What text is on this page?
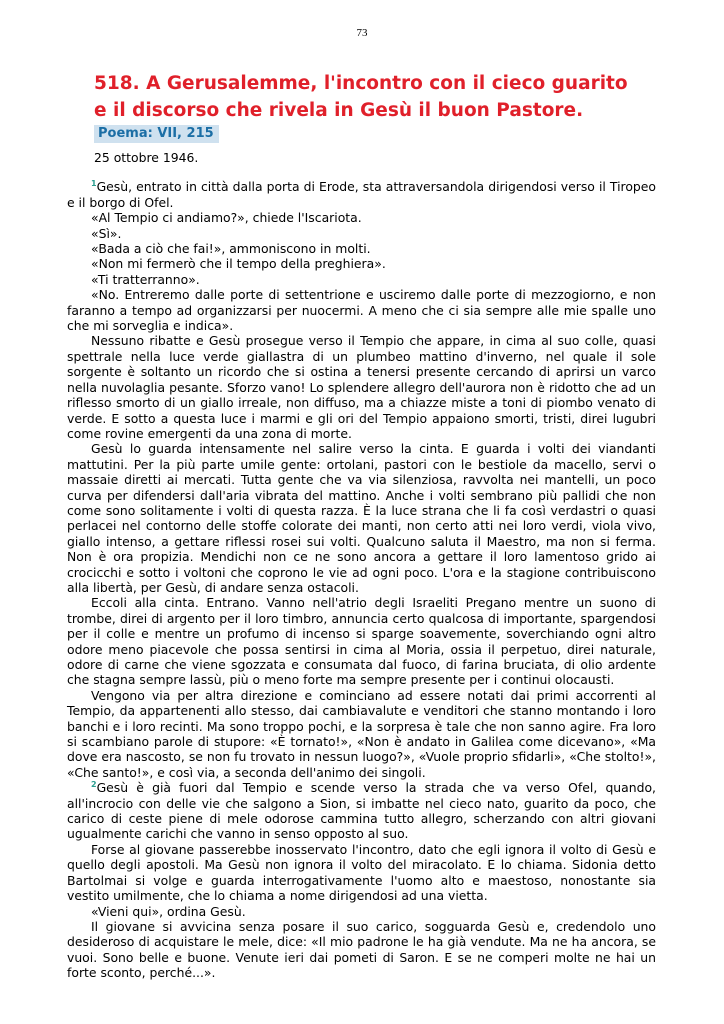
73
518. A Gerusalemme, l'incontro con il cieco guarito
e il discorso che rivela in Gesù il buon Pastore.
Poema: VII, 215

25 ottobre 1946.

$^1$Gesù, entrato in città dalla porta di Erode, sta attraversandola dirigendosi verso il Tiropeo e il borgo di Ofel.

«Al Tempio ci andiamo?», chiede l'Iscariota.

«Sì».

«Bada a ciò che fai!», ammoniscono in molti.

«Non mi fermerò che il tempo della preghiera».

«Ti tratterranno».

«No. Entreremo dalle porte di settentrione e usciremo dalle porte di mezzogiorno, e non faranno a tempo ad organizzarsi per nuocermi. A meno che ci sia sempre alle mie spalle uno che mi sorveglia e indica».

Nessuno ribatte e Gesù prosegue verso il Tempio che appare, in cima al suo colle, quasi spettrale nella luce verde giallastra di un plumbeo mattino d'inverno, nel quale il sole sorgente è soltanto un ricordo che si ostina a tenersi presente cercando di aprirsi un varco nella nuvolaglia pesante. Sforzo vano! Lo splendere allegro dell'aurora non è ridotto che ad un riflesso smorto di un giallo irreale, non diffuso, ma a chiazze miste a toni di piombo venato di verde. E sotto a questa luce i marmi e gli ori del Tempio appaiono smorti, tristi, direi lugubri come rovine emergenti da una zona di morte.

Gesù lo guarda intensamente nel salire verso la cinta. E guarda i volti dei viandanti mattutini. Per la più parte umile gente: ortolani, pastori con le bestiole da macello, servi o massaie diretti ai mercati. Tutta gente che va via silenziosa, ravvolta nei mantelli, un poco curva per difendersi dall'aria vibrata del mattino. Anche i volti sembrano più pallidi che non come sono solitamente i volti di questa razza. È la luce strana che li fa così verdastri o quasi perlacei nel contorno delle stoffe colorate dei manti, non certo atti nei loro verdi, viola vivo, giallo intenso, a gettare riflessi rosei sui volti. Qualcuno saluta il Maestro, ma non si ferma. Non è ora propizia. Mendichi non ce ne sono ancora a gettare il loro lamentoso grido ai crocicchi e sotto i voltoni che coprono le vie ad ogni poco. L'ora e la stagione contribuiscono alla libertà, per Gesù, di andare senza ostacoli.

Eccoli alla cinta. Entrano. Vanno nell'atrio degli Israeliti Pregano mentre un suono di trombe, direi di argento per il loro timbro, annuncia certo qualcosa di importante, spargendosi per il colle e mentre un profumo di incenso si sparge soavemente, soverchiando ogni altro odore meno piacevole che possa sentirsi in cima al Moria, ossia il perpetuo, direi naturale, odore di carne che viene sgozzata e consumata dal fuoco, di farina bruciata, di olio ardente che stagna sempre lassù, più o meno forte ma sempre presente per i continui olocausti.

Vengono via per altra direzione e cominciano ad essere notati dai primi accorrenti al Tempio, da appartenenti allo stesso, dai cambiavalute e venditori che stanno montando i loro banchi e i loro recinti. Ma sono troppo pochi, e la sorpresa è tale che non sanno agire. Fra loro si scambiano parole di stupore: «È tornato!», «Non è andato in Galilea come dicevano», «Ma dove era nascosto, se non fu trovato in nessun luogo?», «Vuole proprio sfidarli», «Che stolto!», «Che santo!», e così via, a seconda dell'animo dei singoli.

$^2$Gesù è già fuori dal Tempio e scende verso la strada che va verso Ofel, quando, all'incrocio con delle vie che salgono a Sion, si imbatte nel cieco nato, guarito da poco, che carico di ceste piene di mele odorose cammina tutto allegro, scherzando con altri giovani ugualmente carichi che vanno in senso opposto al suo.

Forse al giovane passerebbe inosservato l'incontro, dato che egli ignora il volto di Gesù e quello degli apostoli. Ma Gesù non ignora il volto del miracolato. E lo chiama. Sidonia detto Bartolmai si volge e guarda interrogativamente l'uomo alto e maestoso, nonostante sia vestito umilmente, che lo chiama a nome dirigendosi ad una vietta.

«Vieni qui», ordina Gesù.

Il giovane si avvicina senza posare il suo carico, sogguarda Gesù e, credendolo uno desideroso di acquistare le mele, dice: «Il mio padrone le ha già vendute. Ma ne ha ancora, se vuoi. Sono belle e buone. Venute ieri dai pometi di Saron. E se ne comperi molte ne hai un forte sconto, perché...».
